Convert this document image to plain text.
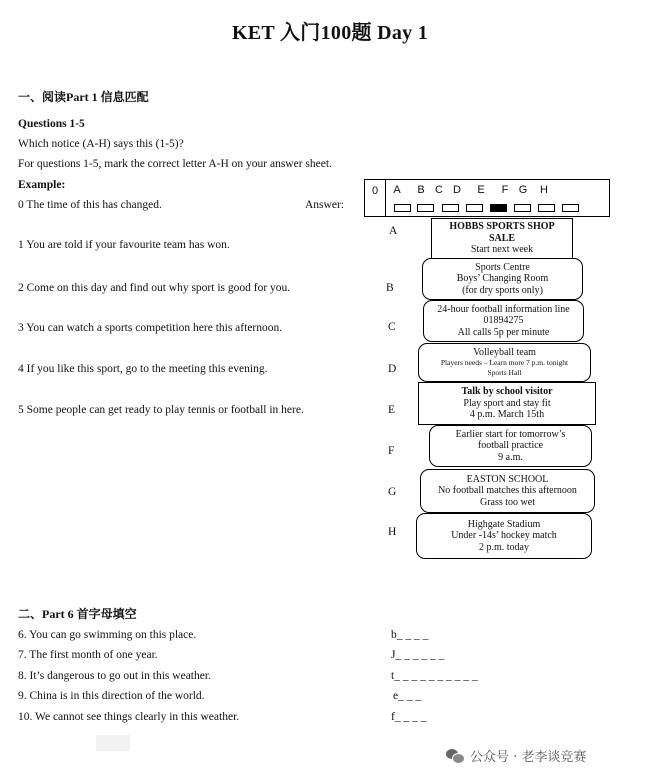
KET 入门100题 Day 1
一、阅读Part 1 信息匹配
Questions 1-5
Which notice (A-H) says this (1-5)?
For questions 1-5, mark the correct letter A-H on your answer sheet.
Example:
0 The time of this has changed.	Answer:
0	A	B C D	E	F G H
1 You are told if your favourite team has won.
2 Come on this day and find out why sport is good for you.
3 You can watch a sports competition here this afternoon.
4 If you like this sport, go to the meeting this evening.
5 Some people can get ready to play tennis or football in here.
A	HOBBS SPORTS SHOP
SALE
Start next week
B
Sports Centre
Boys’ Changing Room
(for dry sports only)
C
24-hour football information line
01894275
All calls 5p per minute
D
Volleyball team
Players needs – Learn more 7 p.m. tonight
Sports Hall
E
Talk by school visitor
Play sport and stay fit
4 p.m. March 15th
F
Earlier start for tomorrow’s
football practice
9 a.m.
G
EASTON SCHOOL
No football matches this afternoon
Grass too wet
H
Highgate Stadium
Under -14s’ hockey match
2 p.m. today
二、Part 6 首字母填空
6. You can go swimming on this place.	b_ _ _ _
7. The first month of one year.	J_ _ _ _ _ _
8. It’s dangerous to go out in this weather.	t_ _ _ _ _ _ _ _ _ _
9. China is in this direction of the world.	e_ _ _
10. We cannot see things clearly in this weather.	f_ _ _ _
公众号 · 老李谈竞赛
